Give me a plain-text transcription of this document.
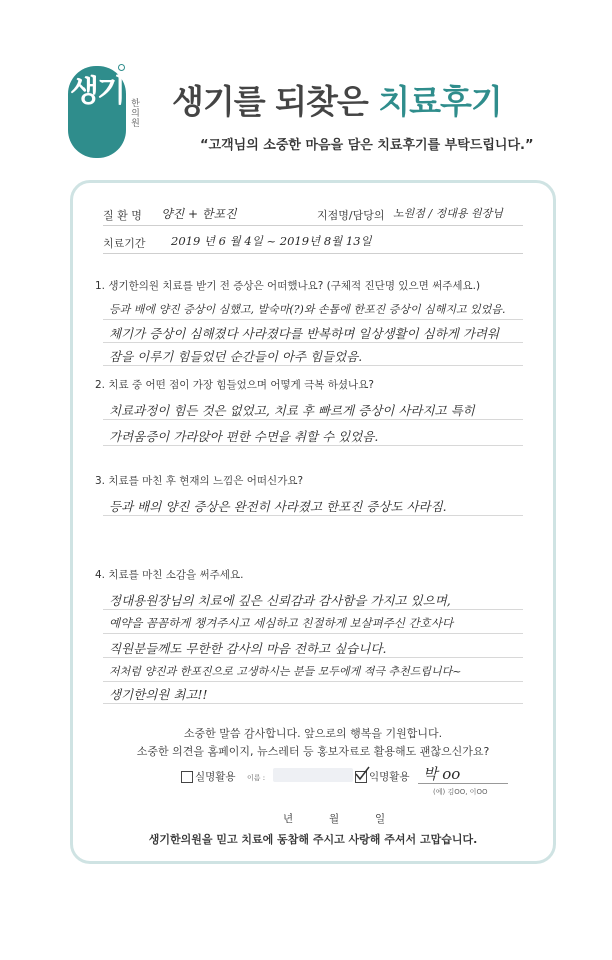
생기
한의원 생기를 되찾은 치료후기
“고객님의 소중한 마음을 담은 치료후기를 부탁드립니다.”
질 환 명 양진 + 한포진	지점명/담당의 노원점 / 정대용 원장님
치료기간 2019 년 6 월 4일 ~ 2019년 8월 13일
1. 생기한의원 치료를 받기 전 증상은 어떠했나요? (구체적 진단명 있으면 써주세요.)
등과 배에 양진 증상이 심했고, 발숙마(?)와 손톱에 한포진 증상이 심해지고 있었음.
체기가 증상이 심해졌다 사라졌다를 반복하며 일상생활이 심하게 가려워
잠을 이루기 힘들었던 순간들이 아주 힘들었음.
2. 치료 중 어떤 점이 가장 힘들었으며 어떻게 극복 하셨나요?
치료과정이 힘든 것은 없었고, 치료 후 빠르게 증상이 사라지고 특히
가려움증이 가라앉아 편한 수면을 취할 수 있었음.
3. 치료를 마친 후 현재의 느낌은 어떠신가요?
등과 배의 양진 증상은 완전히 사라졌고 한포진 증상도 사라짐.
4. 치료를 마친 소감을 써주세요.
정대용원장님의 치료에 깊은 신뢰감과 감사함을 가지고 있으며,
예약을 꼼꼼하게 챙겨주시고 세심하고 친절하게 보살펴주신 간호사다
직원분들께도 무한한 감사의 마음 전하고 싶습니다.
저처럼 양진과 한포진으로 고생하시는 분들 모두에게 적극 추천드립니다~
생기한의원 최고!!
소중한 말씀 감사합니다. 앞으로의 행복을 기원합니다.
소중한 의견을 홈페이지, 뉴스레터 등 홍보자료로 활용해도 괜찮으신가요?
실명활용 이름 :	익명활용 박 oo
(예) 김OO, 이OO
년	월	일
생기한의원을 믿고 치료에 동참해 주시고 사랑해 주셔서 고맙습니다.
